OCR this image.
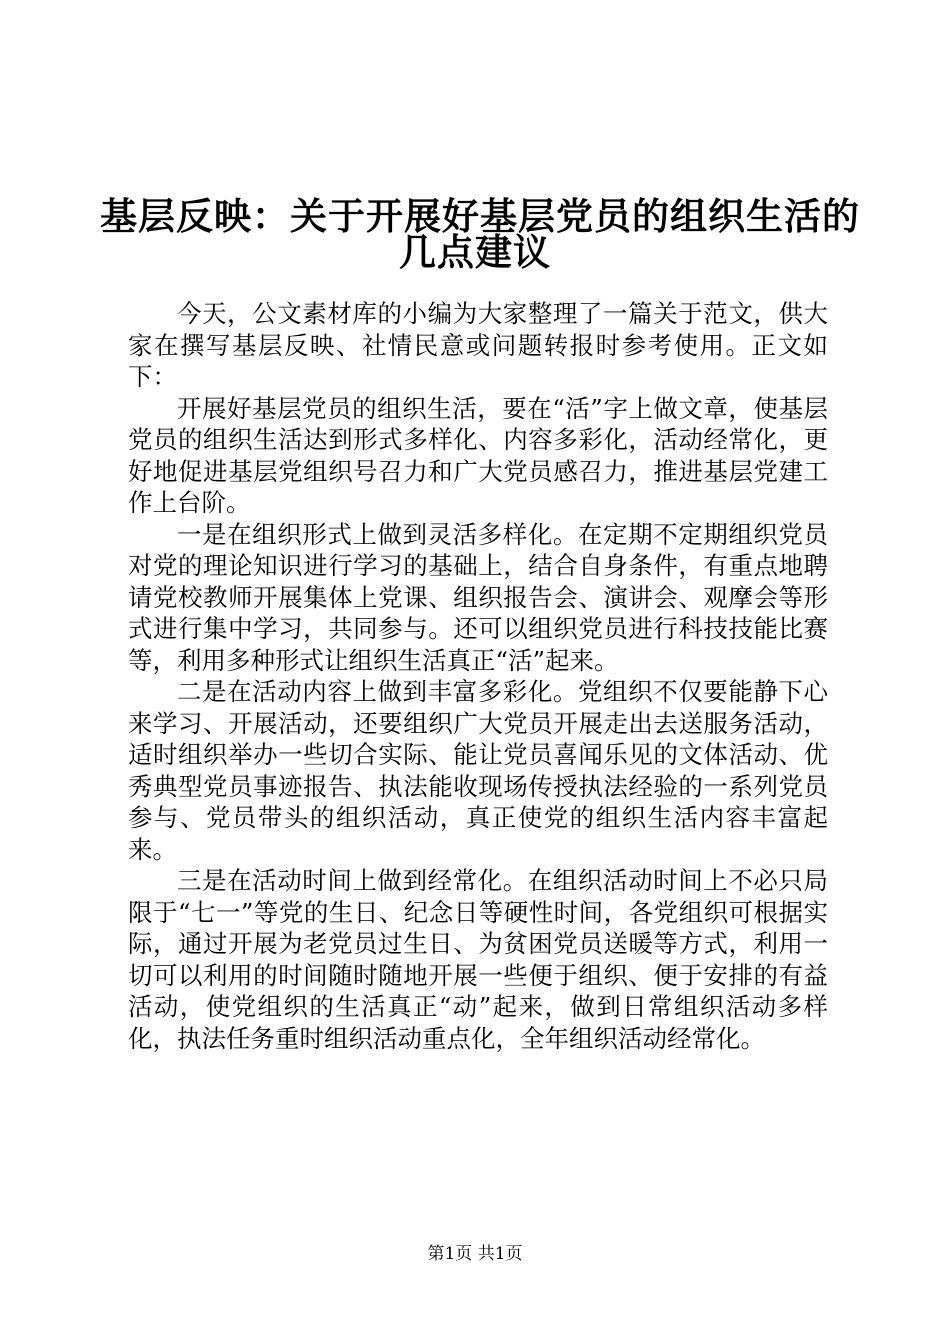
基层反映：关于开展好基层党员的组织生活的
几点建议

今天，公文素材库的小编为大家整理了一篇关于范文，供大家在撰写基层反映、社情民意或问题转报时参考使用。正文如下：

开展好基层党员的组织生活，要在“活”字上做文章，使基层党员的组织生活达到形式多样化、内容多彩化，活动经常化，更好地促进基层党组织号召力和广大党员感召力，推进基层党建工作上台阶。

一是在组织形式上做到灵活多样化。在定期不定期组织党员对党的理论知识进行学习的基础上，结合自身条件，有重点地聘请党校教师开展集体上党课、组织报告会、演讲会、观摩会等形式进行集中学习，共同参与。还可以组织党员进行科技技能比赛等，利用多种形式让组织生活真正“活”起来。

二是在活动内容上做到丰富多彩化。党组织不仅要能静下心来学习、开展活动，还要组织广大党员开展走出去送服务活动，适时组织举办一些切合实际、能让党员喜闻乐见的文体活动、优秀典型党员事迹报告、执法能收现场传授执法经验的一系列党员参与、党员带头的组织活动，真正使党的组织生活内容丰富起来。

三是在活动时间上做到经常化。在组织活动时间上不必只局限于“七一”等党的生日、纪念日等硬性时间，各党组织可根据实际，通过开展为老党员过生日、为贫困党员送暖等方式，利用一切可以利用的时间随时随地开展一些便于组织、便于安排的有益活动，使党组织的生活真正“动”起来，做到日常组织活动多样化，执法任务重时组织活动重点化，全年组织活动经常化。

第1页 共1页
